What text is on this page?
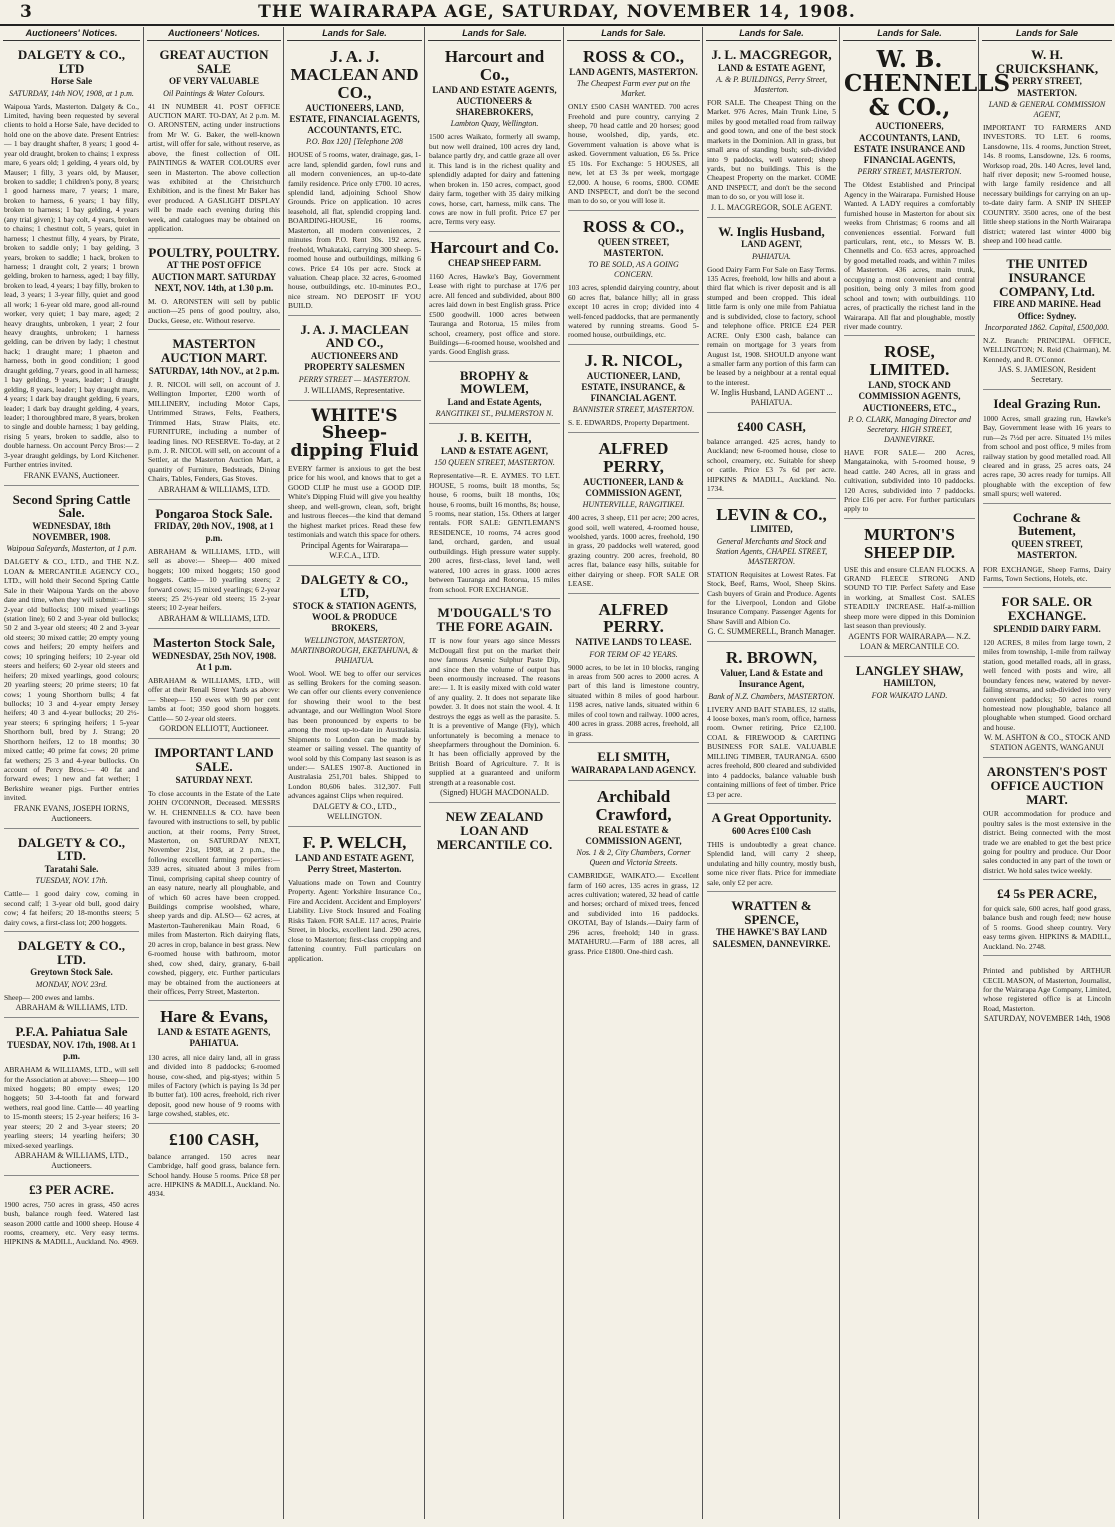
3	THE WAIRARAPA AGE, SATURDAY, NOVEMBER 14, 1908.
Auctioneers' Notices.
DALGETY & CO., LTD
Horse Sale
SATURDAY, 14th NOV, 1908, at 1 p.m.
Waipoua Yards, Masterton. Dalgety & Co., Limited, having been requested by several clients to hold a Horse Sale, have decided to hold one on the above date. Present Entries:— 1 bay draught shafter, 8 years; 1 good 4-year old draught, broken to chains; 1 express mare, 6 years old; 1 gelding, 4 years old, by Mauser; 1 filly, 3 years old, by Mauser, broken to saddle; 1 children's pony, 8 years; 1 good harness mare, 7 years; 1 mare, broken to harness, 6 years; 1 bay filly, broken to harness; 1 bay gelding, 4 years (any trial given); 1 bay colt, 4 years, broken to chains; 1 chestnut colt, 5 years, quiet in harness; 1 chestnut filly, 4 years, by Pirate, broken to saddle only; 1 bay gelding, 3 years, broken to saddle; 1 hack, broken to harness; 1 draught colt, 2 years; 1 brown gelding, broken to harness, aged; 1 bay filly, broken to lead, 4 years; 1 bay filly, broken to lead, 3 years; 1 3-year filly, quiet and good all work; 1 6-year old mare, good all-round worker, very quiet; 1 bay mare, aged; 2 heavy draughts, unbroken, 1 year; 2 four heavy draughts, unbroken; 1 harness gelding, can be driven by lady; 1 chestnut hack; 1 draught mare; 1 phaeton and harness, both in good condition; 1 good draught gelding, 7 years, good in all harness; 1 bay gelding, 9 years, leader; 1 draught gelding, 8 years, leader; 1 bay draught mare, 4 years; 1 dark bay draught gelding, 6 years, leader; 1 dark bay draught gelding, 4 years, leader; 1 thoroughbred mare, 8 years, broken to single and double harness; 1 bay gelding, rising 5 years, broken to saddle, also to double harness. On account Percy Bros:— 2 3-year draught geldings, by Lord Kitchener. Further entries invited.
FRANK EVANS, Auctioneer.
Second Spring Cattle Sale.
WEDNESDAY, 18th NOVEMBER, 1908.
Waipoua Saleyards, Masterton, at 1 p.m.
DALGETY & CO., LTD., and THE N.Z. LOAN & MERCANTILE AGENCY CO., LTD., will hold their Second Spring Cattle Sale in their Waipoua Yards on the above date and time, when they will submit:— 150 2-year old bullocks; 100 mixed yearlings (station line); 60 2 and 3-year old bullocks; 50 2 and 3-year old steers; 40 2 and 3-year old steers; 30 mixed cattle; 20 empty young cows and heifers; 20 empty heifers and cows; 10 springing heifers; 10 2-year old steers and heifers; 60 2-year old steers and heifers; 20 mixed yearlings, good colours; 20 yearling steers; 20 prime steers; 10 fat cows; 1 young Shorthorn bulls; 4 fat bullocks; 10 3 and 4-year empty Jersey heifers; 40 3 and 4-year bullocks; 20 2½-year steers; 6 springing heifers; 1 5-year Shorthorn bull, bred by J. Strang; 20 Shorthorn heifers, 12 to 18 months; 30 mixed cattle; 40 prime fat cows; 20 prime fat wethers; 25 3 and 4-year bullocks. On account of Percy Bros.:— 40 fat and forward ewes; 1 new and fat wether; 1 Berkshire weaner pigs. Further entries invited.
FRANK EVANS, JOSEPH IORNS, Auctioneers.
DALGETY & CO., LTD.
Taratahi Sale.
TUESDAY, NOV. 17th.
Cattle— 1 good dairy cow, coming in second calf; 1 3-year old bull, good dairy cow; 4 fat heifers; 20 18-months steers; 5 dairy cows, a first-class lot; 200 hoggets.
DALGETY & CO., LTD.
Greytown Stock Sale.
MONDAY, NOV. 23rd.
Sheep— 200 ewes and lambs.
ABRAHAM & WILLIAMS, LTD.
P.F.A. Pahiatua Sale
TUESDAY, NOV. 17th, 1908. At 1 p.m.
ABRAHAM & WILLIAMS, LTD., will sell for the Association at above:— Sheep— 100 mixed hoggets; 80 empty ewes; 120 hoggets; 50 3-4-tooth fat and forward wethers, real good line. Cattle— 40 yearling to 15-month steers; 15 2-year heifers; 16 3-year steers; 20 2 and 3-year steers; 20 yearling steers; 14 yearling heifers; 30 mixed-sexed yearlings.
ABRAHAM & WILLIAMS, LTD., Auctioneers.
£3 PER ACRE.
1900 acres, 750 acres in grass, 450 acres bush, balance rough feed. Watered last season 2000 cattle and 1000 sheep. House 4 rooms, creamery, etc. Very easy terms. HIPKINS & MADILL, Auckland. No. 4969.
Auctioneers' Notices.
GREAT AUCTION SALE
OF VERY VALUABLE
Oil Paintings & Water Colours.
41 IN NUMBER 41. POST OFFICE AUCTION MART. TO-DAY, At 2 p.m. M. O. ARONSTEN, acting under instructions from Mr W. G. Baker, the well-known artist, will offer for sale, without reserve, as above, the finest collection of OIL PAINTINGS & WATER COLOURS ever seen in Masterton. The above collection was exhibited at the Christchurch Exhibition, and is the finest Mr Baker has ever produced. A GASLIGHT DISPLAY will be made each evening during this week, and catalogues may be obtained on application.
POULTRY, POULTRY.
AT THE POST OFFICE AUCTION MART. SATURDAY NEXT, NOV. 14th, at 1.30 p.m.
M. O. ARONSTEN will sell by public auction—25 pens of good poultry, also, Ducks, Geese, etc. Without reserve.
MASTERTON AUCTION MART.
SATURDAY, 14th NOV., at 2 p.m.
J. R. NICOL will sell, on account of J. Wellington Importer, £200 worth of MILLINERY, including Motor Caps, Untrimmed Straws, Felts, Feathers, Trimmed Hats, Straw Plaits, etc. FURNITURE, including a number of leading lines. NO RESERVE. To-day, at 2 p.m. J. R. NICOL will sell, on account of a Settler, at the Masterton Auction Mart, a quantity of Furniture, Bedsteads, Dining Chairs, Tables, Fenders, Gas Stoves.
ABRAHAM & WILLIAMS, LTD.
Pongaroa Stock Sale.
FRIDAY, 20th NOV., 1908, at 1 p.m.
ABRAHAM & WILLIAMS, LTD., will sell as above:— Sheep— 400 mixed hoggets; 100 mixed hoggets; 150 good hoggets. Cattle— 10 yearling steers; 2 forward cows; 15 mixed yearlings; 6 2-year steers; 25 2½-year old steers; 15 2-year steers; 10 2-year heifers.
ABRAHAM & WILLIAMS, LTD.
Masterton Stock Sale,
WEDNESDAY, 25th NOV, 1908. At 1 p.m.
ABRAHAM & WILLIAMS, LTD., will offer at their Renall Street Yards as above:— Sheep— 150 ewes with 90 per cent lambs at foot; 350 good shorn hoggets. Cattle— 50 2-year old steers.
GORDON ELLIOTT, Auctioneer.
IMPORTANT LAND SALE.
SATURDAY NEXT.
To close accounts in the Estate of the Late JOHN O'CONNOR, Deceased. MESSRS W. H. CHENNELLS & CO. have been favoured with instructions to sell, by public auction, at their rooms, Perry Street, Masterton, on SATURDAY NEXT, November 21st, 1908, at 2 p.m., the following excellent farming properties:— 339 acres, situated about 3 miles from Tinui, comprising capital sheep country of an easy nature, nearly all ploughable, and of which 60 acres have been cropped. Buildings comprise woolshed, whare, sheep yards and dip. ALSO— 62 acres, at Masterton-Tauherenikau Main Road, 6 miles from Masterton. Rich dairying flats, 20 acres in crop, balance in best grass. New 6-roomed house with bathroom, motor shed, cow shed, dairy, granary, 6-bail cowshed, piggery, etc. Further particulars may be obtained from the auctioneers at their offices, Perry Street, Masterton.
Hare & Evans,
LAND & ESTATE AGENTS, PAHIATUA.
130 acres, all nice dairy land, all in grass and divided into 8 paddocks; 6-roomed house, cow-shed, and pig-styes; within 5 miles of Factory (which is paying 1s 3d per lb butter fat). 100 acres, freehold, rich river deposit, good new house of 9 rooms with large cowshed, stables, etc.
£100 CASH,
balance arranged. 150 acres near Cambridge, half good grass, balance fern. School handy. House 5 rooms. Price £8 per acre. HIPKINS & MADILL, Auckland. No. 4934.
Lands for Sale.
J. A. J. MACLEAN AND CO.,
AUCTIONEERS, LAND, ESTATE, FINANCIAL AGENTS, ACCOUNTANTS, ETC.
P.O. Box 120] [Telephone 208
HOUSE of 5 rooms, water, drainage, gas, 1-acre land, splendid garden, fowl runs and all modern conveniences, an up-to-date family residence. Price only £700. 10 acres, splendid land, adjoining School Show Grounds. Price on application. 10 acres leasehold, all flat, splendid cropping land. BOARDING-HOUSE, 16 rooms, Masterton, all modern conveniences, 2 minutes from P.O. Rent 30s. 192 acres, freehold, Whakataki, carrying 300 sheep. 5-roomed house and outbuildings, milking 6 cows. Price £4 10s per acre. Stock at valuation. Cheap place. 32 acres, 6-roomed house, outbuildings, etc. 10-minutes P.O., nice stream. NO DEPOSIT IF YOU BUILD.
J. A. J. MACLEAN AND CO.,
AUCTIONEERS AND PROPERTY SALESMEN
PERRY STREET — MASTERTON.
J. WILLIAMS, Representative.
WHITE'S Sheep-dipping Fluid
EVERY farmer is anxious to get the best price for his wool, and knows that to get a GOOD CLIP he must use a GOOD DIP. White's Dipping Fluid will give you healthy sheep, and well-grown, clean, soft, bright and lustrous fleeces—the kind that demand the highest market prices. Read these few testimonials and watch this space for others.
Principal Agents for Wairarapa— W.F.C.A., LTD.
DALGETY & CO., LTD,
STOCK & STATION AGENTS, WOOL & PRODUCE BROKERS,
WELLINGTON, MASTERTON, MARTINBOROUGH, EKETAHUNA, & PAHIATUA.
Wool. Wool. WE beg to offer our services as selling Brokers for the coming season. We can offer our clients every convenience for showing their wool to the best advantage, and our Wellington Wool Store has been pronounced by experts to be among the most up-to-date in Australasia. Shipments to London can be made by steamer or sailing vessel. The quantity of wool sold by this Company last season is as under:— SALES 1907-8. Auctioned in Australasia 251,701 bales. Shipped to London 80,606 bales. 312,307. Full advances against Clips when required.
DALGETY & CO., LTD., WELLINGTON.
F. P. WELCH,
LAND AND ESTATE AGENT, Perry Street, Masterton.
Valuations made on Town and Country Property. Agent: Yorkshire Insurance Co., Fire and Accident. Accident and Employers' Liability. Live Stock Insured and Foaling Risks Taken. FOR SALE. 117 acres, Prairie Street, in blocks, excellent land. 290 acres, close to Masterton; first-class cropping and fattening country. Full particulars on application.
Lands for Sale.
Harcourt and Co.,
LAND AND ESTATE AGENTS, AUCTIONEERS & SHAREBROKERS,
Lambton Quay, Wellington.
1500 acres Waikato, formerly all swamp, but now well drained, 100 acres dry land, balance partly dry, and cattle graze all over it. This land is in the richest quality and splendidly adapted for dairy and fattening when broken in. 150 acres, compact, good dairy farm, together with 35 dairy milking cows, horse, cart, harness, milk cans. The cows are now in full profit. Price £7 per acre, Terms very easy.
Harcourt and Co.
CHEAP SHEEP FARM.
1160 Acres, Hawke's Bay, Government Lease with right to purchase at 17/6 per acre. All fenced and subdivided, about 800 acres laid down in best English grass. Price £500 goodwill. 1000 acres between Tauranga and Rotorua, 15 miles from school, creamery, post office and store. Buildings—6-roomed house, woolshed and yards. Good English grass.
BROPHY & MOWLEM,
Land and Estate Agents,
RANGITIKEI ST., PALMERSTON N.
J. B. KEITH,
LAND & ESTATE AGENT,
150 QUEEN STREET, MASTERTON.
Representative—R. E. AYMES. TO LET. HOUSE, 5 rooms, built 18 months, 5s; house, 6 rooms, built 18 months, 10s; house, 6 rooms, built 16 months, 8s; house, 5 rooms, near station, 15s. Others at larger rentals. FOR SALE: GENTLEMAN'S RESIDENCE, 10 rooms, 74 acres good land, orchard, garden, and usual outbuildings. High pressure water supply. 200 acres, first-class, level land, well watered, 100 acres in grass. 1000 acres between Tauranga and Rotorua, 15 miles from school. FOR EXCHANGE.
M'DOUGALL'S TO THE FORE AGAIN.
IT is now four years ago since Messrs McDougall first put on the market their now famous Arsenic Sulphur Paste Dip, and since then the volume of output has been enormously increased. The reasons are:— 1. It is easily mixed with cold water of any quality. 2. It does not separate like powder. 3. It does not stain the wool. 4. It destroys the eggs as well as the parasite. 5. It is a preventive of Mange (Fly), which unfortunately is becoming a menace to sheepfarmers throughout the Dominion. 6. It has been officially approved by the British Board of Agriculture. 7. It is supplied at a guaranteed and uniform strength at a reasonable cost.
(Signed) HUGH MACDONALD.
NEW ZEALAND LOAN AND MERCANTILE CO.
Lands for Sale.
ROSS & CO.,
LAND AGENTS, MASTERTON.
The Cheapest Farm ever put on the Market.
ONLY £500 CASH WANTED. 700 acres Freehold and pure country, carrying 2 sheep, 70 head cattle and 20 horses; good house, woolshed, dip, yards, etc. Government valuation is above what is asked. Government valuation, £6 5s. Price £5 10s. For Exchange: 5 HOUSES, all new, let at £3 3s per week, mortgage £2,000. A house, 6 rooms, £800. COME AND INSPECT, and don't be the second man to do so, or you will lose it.
ROSS & CO.,
QUEEN STREET, MASTERTON.
TO BE SOLD, AS A GOING CONCERN.
103 acres, splendid dairying country, about 60 acres flat, balance hilly; all in grass except 10 acres in crop; divided into 4 well-fenced paddocks, that are permanently watered by running streams. Good 5-roomed house, outbuildings, etc.
J. R. NICOL,
AUCTIONEER, LAND, ESTATE, INSURANCE, & FINANCIAL AGENT.
BANNISTER STREET, MASTERTON.
S. E. EDWARDS, Property Department.
ALFRED PERRY,
AUCTIONEER, LAND & COMMISSION AGENT,
HUNTERVILLE, RANGITIKEI.
400 acres, 3 sheep, £11 per acre; 200 acres, good soil, well watered, 4-roomed house, woolshed, yards. 1000 acres, freehold, 190 in grass, 20 paddocks well watered, good grazing country. 200 acres, freehold, 80 acres flat, balance easy hills, suitable for either dairying or sheep. FOR SALE OR LEASE.
ALFRED PERRY.
NATIVE LANDS TO LEASE.
FOR TERM OF 42 YEARS.
9000 acres, to be let in 10 blocks, ranging in areas from 500 acres to 2000 acres. A part of this land is limestone country, situated within 8 miles of good harbour. 1198 acres, native lands, situated within 6 miles of cool town and railway. 1000 acres, 400 acres in grass. 2088 acres, freehold, all in grass.
ELI SMITH,
WAIRARAPA LAND AGENCY.
Archibald Crawford,
REAL ESTATE & COMMISSION AGENT,
Nos. 1 & 2, City Chambers, Corner Queen and Victoria Streets.
CAMBRIDGE, WAIKATO.— Excellent farm of 160 acres, 135 acres in grass, 12 acres cultivation; watered, 32 head of cattle and horses; orchard of mixed trees, fenced and subdivided into 16 paddocks. OKOTAI, Bay of Islands.—Dairy farm of 296 acres, freehold; 140 in grass. MATAHURU.—Farm of 188 acres, all grass. Price £1800. One-third cash.
Lands for Sale.
J. L. MACGREGOR,
LAND & ESTATE AGENT,
A. & P. BUILDINGS, Perry Street, Masterton.
FOR SALE. The Cheapest Thing on the Market. 976 Acres, Main Trunk Line, 5 miles by good metalled road from railway and good town, and one of the best stock markets in the Dominion. All in grass, but small area of standing bush; sub-divided into 9 paddocks, well watered; sheep yards, but no buildings. This is the Cheapest Property on the market. COME AND INSPECT, and don't be the second man to do so, or you will lose it.
J. L. MACGREGOR, SOLE AGENT.
W. Inglis Husband,
LAND AGENT,
PAHIATUA.
Good Dairy Farm For Sale on Easy Terms. 135 Acres, freehold, low hills and about a third flat which is river deposit and is all stumped and been cropped. This ideal little farm is only one mile from Pahiatua and is subdivided, close to factory, school and telephone office. PRICE £24 PER ACRE. Only £300 cash, balance can remain on mortgage for 3 years from August 1st, 1908. SHOULD anyone want a smaller farm any portion of this farm can be leased by a neighbour at a rental equal to the interest.
W. Inglis Husband, LAND AGENT ... PAHIATUA.
£400 CASH,
balance arranged. 425 acres, handy to Auckland; new 6-roomed house, close to school, creamery, etc. Suitable for sheep or cattle. Price £3 7s 6d per acre. HIPKINS & MADILL, Auckland. No. 1734.
LEVIN & CO.,
LIMITED,
General Merchants and Stock and Station Agents, CHAPEL STREET, MASTERTON.
STATION Requisites at Lowest Rates. Fat Stock, Beef, Rams, Wool, Sheep Skins. Cash buyers of Grain and Produce. Agents for the Liverpool, London and Globe Insurance Company. Passenger Agents for Shaw Savill and Albion Co.
G. C. SUMMERELL, Branch Manager.
R. BROWN,
Valuer, Land & Estate and Insurance Agent,
Bank of N.Z. Chambers, MASTERTON.
LIVERY AND BAIT STABLES, 12 stalls, 4 loose boxes, man's room, office, harness room. Owner retiring. Price £2,100. COAL & FIREWOOD & CARTING BUSINESS FOR SALE. VALUABLE MILLING TIMBER, TAURANGA. 6500 acres freehold, 800 cleared and subdivided into 4 paddocks, balance valuable bush containing millions of feet of timber. Price £3 per acre.
A Great Opportunity.
600 Acres £100 Cash
THIS is undoubtedly a great chance. Splendid land, will carry 2 sheep, undulating and hilly country, mostly bush, some nice river flats. Price for immediate sale, only £2 per acre.
WRATTEN & SPENCE,
THE HAWKE'S BAY LAND SALESMEN, DANNEVIRKE.
Lands for Sale.
W. B. CHENNELLS & CO.,
AUCTIONEERS, ACCOUNTANTS, LAND, ESTATE INSURANCE AND FINANCIAL AGENTS,
PERRY STREET, MASTERTON.
The Oldest Established and Principal Agency in the Wairarapa. Furnished House Wanted. A LADY requires a comfortably furnished house in Masterton for about six weeks from Christmas; 6 rooms and all conveniences essential. Forward full particulars, rent, etc., to Messrs W. B. Chennells and Co. 653 acres, approached by good metalled roads, and within 7 miles of Masterton. 436 acres, main trunk, occupying a most convenient and central position, being only 3 miles from good school and town; with outbuildings. 110 acres, of practically the richest land in the Wairarapa. All flat and ploughable, mostly river made country.
ROSE, LIMITED.
LAND, STOCK AND COMMISSION AGENTS, AUCTIONEERS, ETC.,
P. O. CLARK, Managing Director and Secretary. HIGH STREET, DANNEVIRKE.
HAVE FOR SALE— 200 Acres, Mangatainoka, with 5-roomed house, 9 head cattle. 240 Acres, all in grass and cultivation, subdivided into 10 paddocks. 120 Acres, subdivided into 7 paddocks. Price £16 per acre. For further particulars apply to
MURTON'S SHEEP DIP.
USE this and ensure CLEAN FLOCKS. A GRAND FLEECE STRONG AND SOUND TO TIP. Perfect Safety and Ease in working, at Smallest Cost. SALES STEADILY INCREASE. Half-a-million sheep more were dipped in this Dominion last season than previously.
AGENTS FOR WAIRARAPA— N.Z. LOAN & MERCANTILE CO.
LANGLEY SHAW,
HAMILTON,
FOR WAIKATO LAND.
Lands for Sale
W. H. CRUICKSHANK,
PERRY STREET, MASTERTON.
LAND & GENERAL COMMISSION AGENT,
IMPORTANT TO FARMERS AND INVESTORS. TO LET. 6 rooms, Lansdowne, 11s. 4 rooms, Junction Street, 14s. 8 rooms, Lansdowne, 12s. 6 rooms, Worksop road, 20s. 140 Acres, level land, half river deposit; new 5-roomed house, with large family residence and all necessary buildings for carrying on an up-to-date dairy farm. A SNIP IN SHEEP COUNTRY. 3500 acres, one of the best little sheep stations in the North Wairarapa district; watered last winter 4000 big sheep and 100 head cattle.
THE UNITED INSURANCE COMPANY, Ltd.
FIRE AND MARINE. Head Office: Sydney.
Incorporated 1862. Capital, £500,000.
N.Z. Branch: PRINCIPAL OFFICE, WELLINGTON; N. Reid (Chairman), M. Kennedy, and R. O'Connor.
JAS. S. JAMIESON, Resident Secretary.
Ideal Grazing Run.
1000 Acres, small grazing run, Hawke's Bay, Government lease with 16 years to run—2s 7½d per acre. Situated 1½ miles from school and post office, 9 miles from railway station by good metalled road. All cleared and in grass, 25 acres oats, 24 acres rape, 30 acres ready for turnips. All ploughable with the exception of few small spurs; well watered.
Cochrane & Butement,
QUEEN STREET, MASTERTON.
FOR EXCHANGE, Sheep Farms, Dairy Farms, Town Sections, Hotels, etc.
FOR SALE. OR EXCHANGE.
SPLENDID DAIRY FARM.
120 ACRES, 8 miles from large town, 2 miles from township, 1-mile from railway station, good metalled roads, all in grass, well fenced with posts and wire, all boundary fences new, watered by never-failing streams, and sub-divided into very convenient paddocks; 50 acres round homestead now ploughable, balance all ploughable when stumped. Good orchard and house.
W. M. ASHTON & CO., STOCK AND STATION AGENTS, WANGANUI
ARONSTEN'S POST OFFICE AUCTION MART.
OUR accommodation for produce and poultry sales is the most extensive in the district. Being connected with the most trade we are enabled to get the best price going for poultry and produce. Our Door sales conducted in any part of the town or district. We hold sales twice weekly.
£4 5s PER ACRE,
for quick sale, 600 acres, half good grass, balance bush and rough feed; new house of 5 rooms. Good sheep country. Very easy terms given. HIPKINS & MADILL, Auckland. No. 2748.
Printed and published by ARTHUR CECIL MASON, of Masterton, Journalist, for the Wairarapa Age Company, Limited, whose registered office is at Lincoln Road, Masterton.
SATURDAY, NOVEMBER 14th, 1908
